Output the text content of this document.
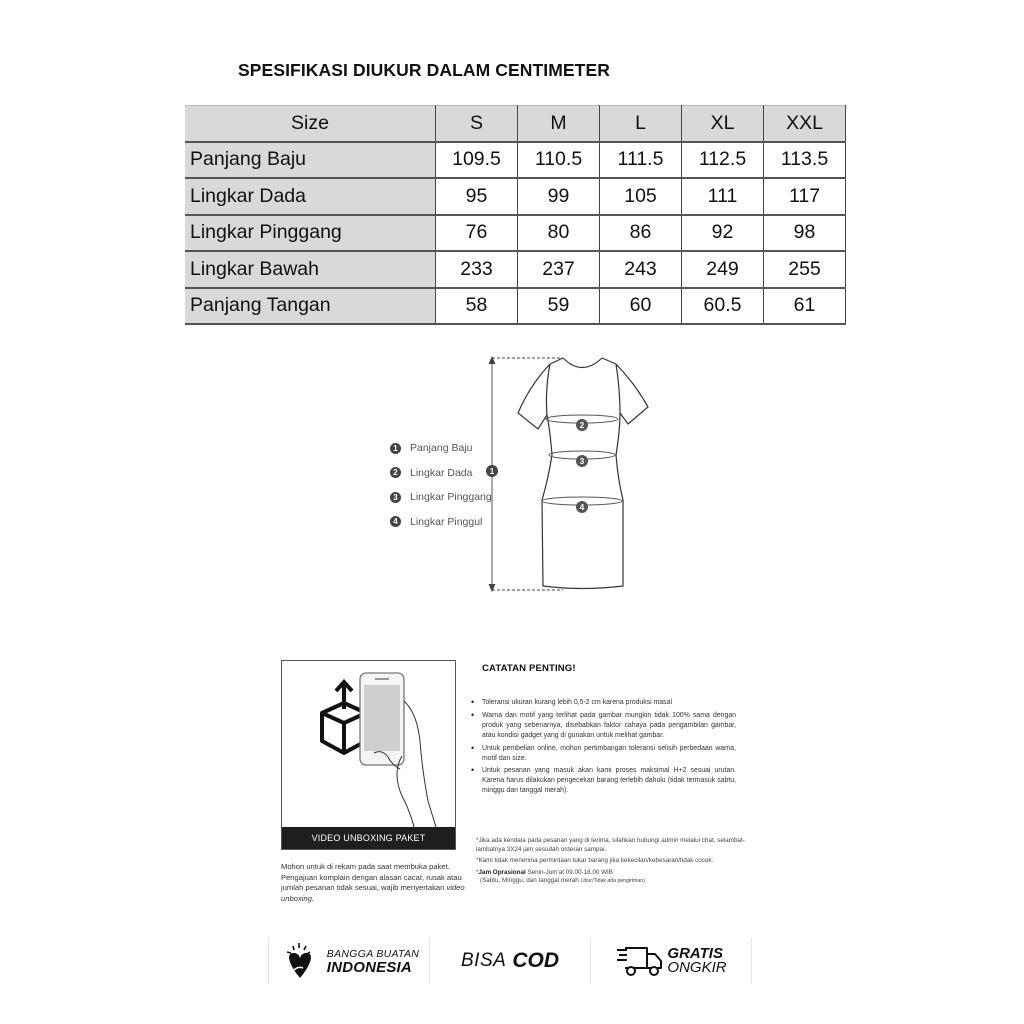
SPESIFIKASI DIUKUR DALAM CENTIMETER
Size	S	M	L	XL	XXL
Panjang Baju	109.5	110.5	111.5	112.5	113.5
Lingkar Dada	95	99	105	111	117
Lingkar Pinggang	76	80	86	92	98
Lingkar Bawah	233	237	243	249	255
Panjang Tangan	58	59	60	60.5	61
1	Panjang Baju
2	Lingkar Dada
3	Lingkar Pinggang
4	Lingkar Pinggul
1
2
3
4
VIDEO UNBOXING PAKET
Mohon untuk di rekam pada saat membuka paket. Pengajuan komplain dengan alasan cacat, rusak atau jumlah pesanan tidak sesuai, wajib menyertakan video unboxing.
CATATAN PENTING!
• Toleransi ukuran kurang lebih 0,5-2 cm karena produksi masal
• Warna dan motif yang terlihat pada gambar mungkin tidak 100% sama dengan produk yang sebenarnya, disebabkan faktor cahaya pada pengambilan gambar, atau kondisi gadget yang di gunakan untuk melihat gambar.
• Untuk pembelian online, mohon pertimbangan toleransi selisih perbedaan warna, motif dan size.
• Untuk pesanan yang masuk akan kami proses maksimal H+2 sesuai urutan. Karena harus dilakukan pengecekan barang terlebih dahulu (tidak termasuk sabtu, minggu dan tanggal merah).

*Jika ada kendala pada pesanan yang di terima, silahkan hubungi admin melalui chat, selambat-lambatnya 3X24 jam sesudah orderan sampai.

*Kami tidak menerima permintaan tukar barang jika kekecilan/kebesaran/tidak cocok.

*Jam Oprasional Senin-Jum'at 09.00-18.00 WIB
(Sabtu, Minggu, dan tanggal merah Libur/Tidak ada pengiriman)

BANGGA BUATAN
INDONESIA	BISA COD	GRATIS
ONGKIR
